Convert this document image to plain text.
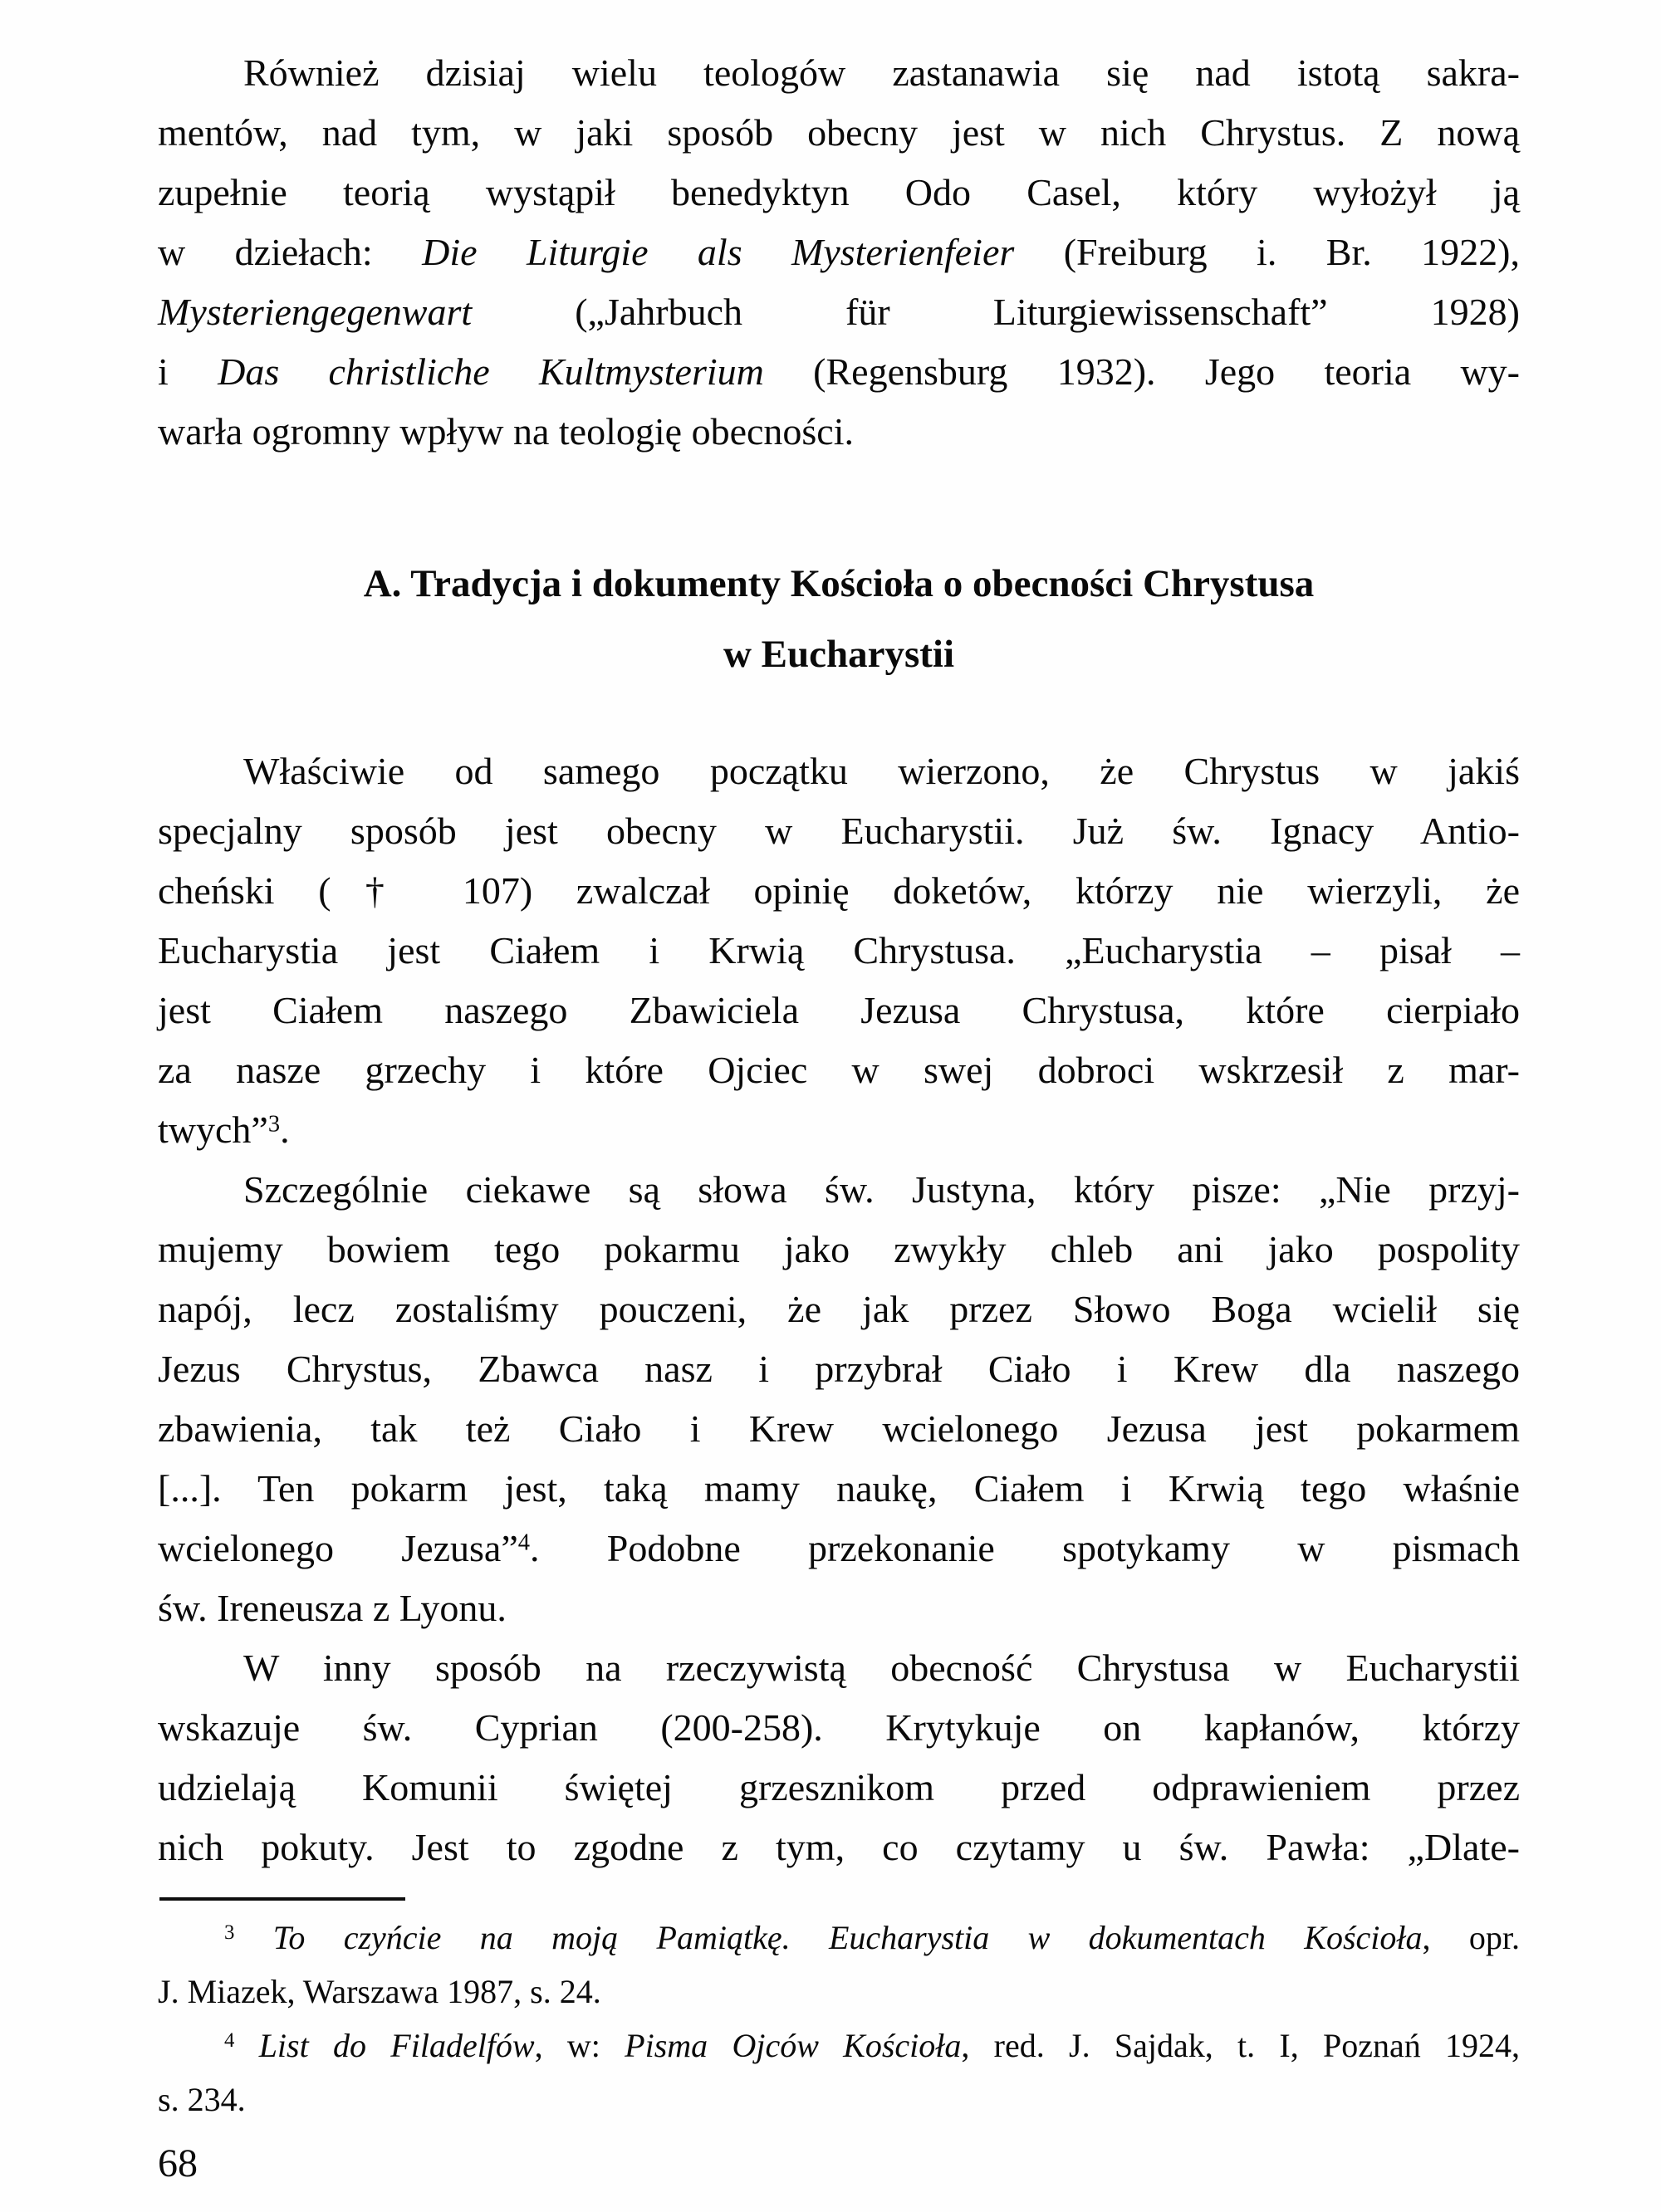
Również dzisiaj wielu teologów zastanawia się nad istotą sakra-
mentów, nad tym, w jaki sposób obecny jest w nich Chrystus. Z nową
zupełnie teorią wystąpił benedyktyn Odo Casel, który wyłożył ją
w dziełach: Die Liturgie als Mysterienfeier (Freiburg i. Br. 1922),
Mysteriengegenwart („Jahrbuch für Liturgiewissenschaft” 1928)
i Das christliche Kultmysterium (Regensburg 1932). Jego teoria wy-
warła ogromny wpływ na teologię obecności.
A. Tradycja i dokumenty Kościoła o obecności Chrystusa
w Eucharystii
Właściwie od samego początku wierzono, że Chrystus w jakiś
specjalny sposób jest obecny w Eucharystii. Już św. Ignacy Antio-
cheński († 107) zwalczał opinię doketów, którzy nie wierzyli, że
Eucharystia jest Ciałem i Krwią Chrystusa. „Eucharystia – pisał –
jest Ciałem naszego Zbawiciela Jezusa Chrystusa, które cierpiało
za nasze grzechy i które Ojciec w swej dobroci wskrzesił z mar-
twych”$^3$.
Szczególnie ciekawe są słowa św. Justyna, który pisze: „Nie przyj-
mujemy bowiem tego pokarmu jako zwykły chleb ani jako pospolity
napój, lecz zostaliśmy pouczeni, że jak przez Słowo Boga wcielił się
Jezus Chrystus, Zbawca nasz i przybrał Ciało i Krew dla naszego
zbawienia, tak też Ciało i Krew wcielonego Jezusa jest pokarmem
[...]. Ten pokarm jest, taką mamy naukę, Ciałem i Krwią tego właśnie
wcielonego Jezusa”$^4$. Podobne przekonanie spotykamy w pismach
św. Ireneusza z Lyonu.
W inny sposób na rzeczywistą obecność Chrystusa w Eucharystii
wskazuje św. Cyprian (200-258). Krytykuje on kapłanów, którzy
udzielają Komunii świętej grzesznikom przed odprawieniem przez
nich pokuty. Jest to zgodne z tym, co czytamy u św. Pawła: „Dlate-
$^3$ To czyńcie na moją Pamiątkę. Eucharystia w dokumentach Kościoła, opr.
J. Miazek, Warszawa 1987, s. 24.
$^4$ List do Filadelfów, w: Pisma Ojców Kościoła, red. J. Sajdak, t. I, Poznań 1924,
s. 234.
68
